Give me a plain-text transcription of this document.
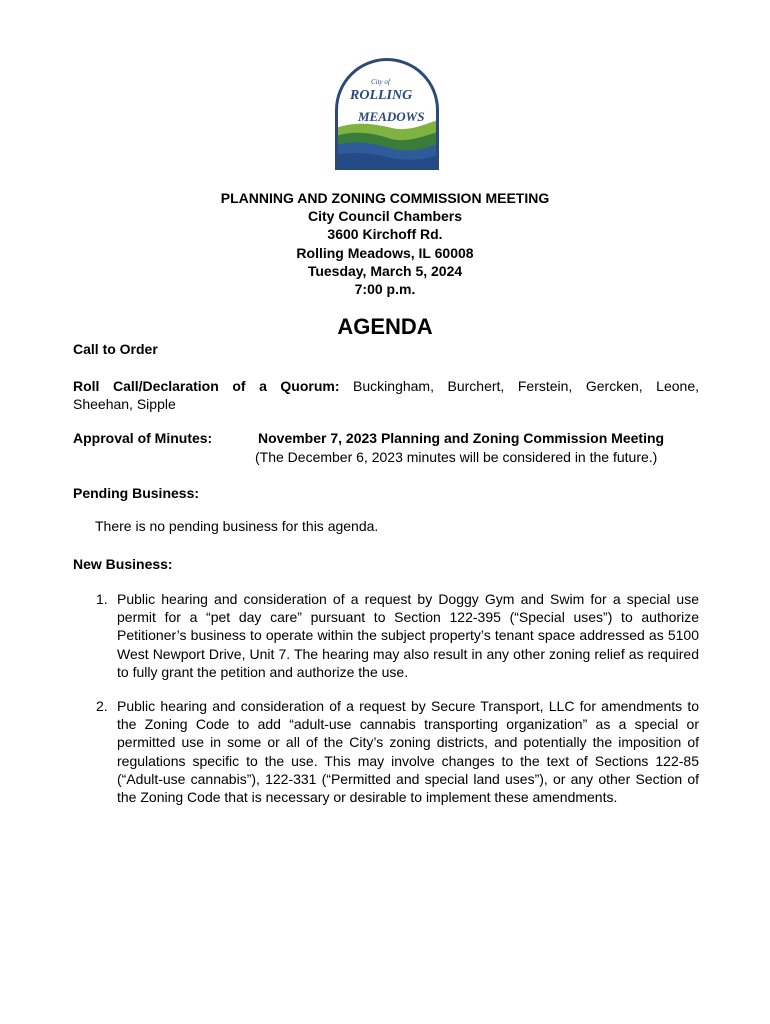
City of
ROLLING
MEADOWS
PLANNING AND ZONING COMMISSION MEETING
City Council Chambers
3600 Kirchoff Rd.
Rolling Meadows, IL 60008
Tuesday, March 5, 2024
7:00 p.m.
AGENDA
Call to Order
Roll Call/Declaration of a Quorum: Buckingham, Burchert, Ferstein, Gercken, Leone,
Sheehan, Sipple
Approval of Minutes:	November 7, 2023 Planning and Zoning Commission Meeting
(The December 6, 2023 minutes will be considered in the future.)
Pending Business:
There is no pending business for this agenda.
New Business:
1. Public hearing and consideration of a request by Doggy Gym and Swim for a special use permit for a “pet day care” pursuant to Section 122-395 (“Special uses”) to authorize Petitioner’s business to operate within the subject property’s tenant space addressed as 5100 West Newport Drive, Unit 7. The hearing may also result in any other zoning relief as required to fully grant the petition and authorize the use.
2. Public hearing and consideration of a request by Secure Transport, LLC for amendments to the Zoning Code to add “adult-use cannabis transporting organization” as a special or permitted use in some or all of the City’s zoning districts, and potentially the imposition of regulations specific to the use. This may involve changes to the text of Sections 122-85 (“Adult-use cannabis”), 122-331 (“Permitted and special land uses”), or any other Section of the Zoning Code that is necessary or desirable to implement these amendments.
